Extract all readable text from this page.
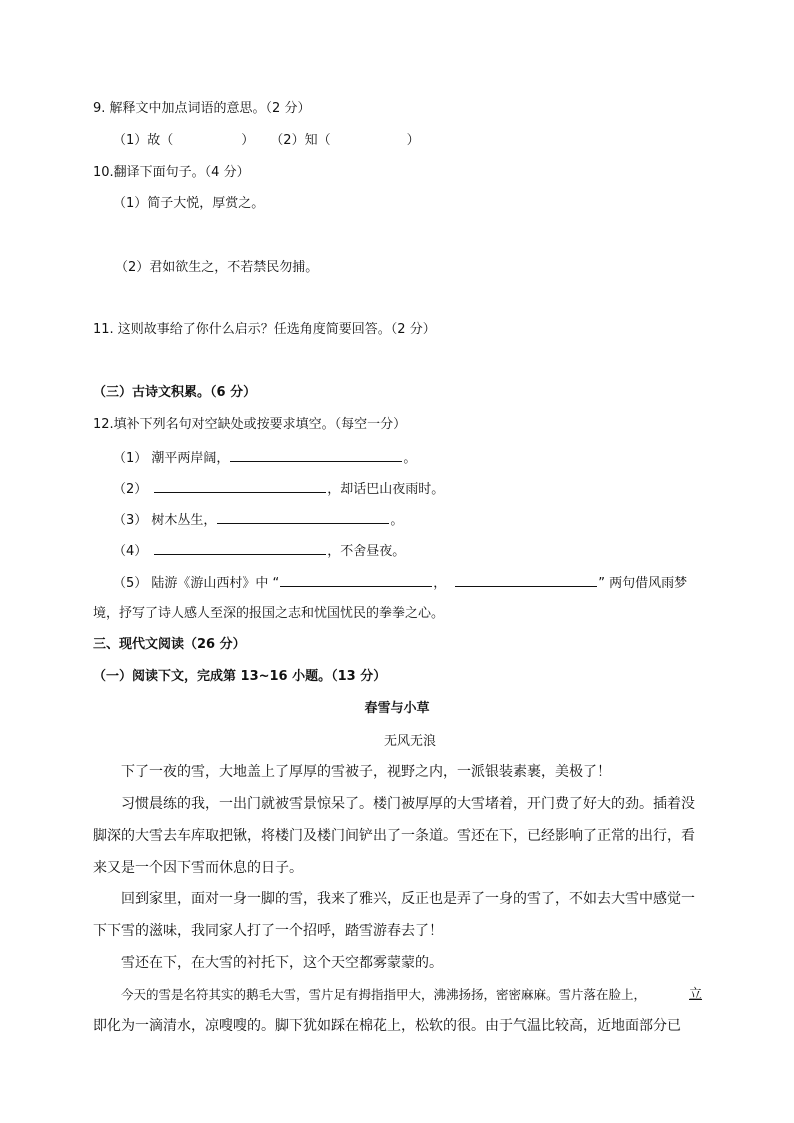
9. 解释文中加点词语的意思。（2 分）
（1）故（	） （2）知（	）
10.翻译下面句子。（4 分）
（1）简子大悦，厚赏之。
（2）君如欲生之，不若禁民勿捕。
11. 这则故事给了你什么启示？任选角度简要回答。（2 分）
（三）古诗文积累。（6 分）
12.填补下列名句对空缺处或按要求填空。（每空一分）
（1） 潮平两岸阔，	。
（2）	，却话巴山夜雨时。
（3） 树木丛生，	。
（4）	，不舍昼夜。
（5） 陆游《游山西村》中 “	，	” 两句借风雨梦
境，抒写了诗人感人至深的报国之志和忧国忧民的拳拳之心。
三、现代文阅读（26 分）
（一）阅读下文，完成第 13~16 小题。（13 分）
春雪与小草
无风无浪
下了一夜的雪，大地盖上了厚厚的雪被子，视野之内，一派银装素裹，美极了！
习惯晨练的我，一出门就被雪景惊呆了。楼门被厚厚的大雪堵着，开门费了好大的劲。插着没
脚深的大雪去车库取把锹，将楼门及楼门间铲出了一条道。雪还在下，已经影响了正常的出行，看
来又是一个因下雪而休息的日子。
回到家里，面对一身一脚的雪，我来了雅兴，反正也是弄了一身的雪了，不如去大雪中感觉一
下下雪的滋味，我同家人打了一个招呼，踏雪游春去了！
雪还在下，在大雪的衬托下，这个天空都雾蒙蒙的。
今天的雪是名符其实的鹅毛大雪，雪片足有拇指指甲大，沸沸扬扬，密密麻麻。雪片落在脸上，	立
即化为一滴清水，凉嗖嗖的。脚下犹如踩在棉花上，松软的很。由于气温比较高，近地面部分已
